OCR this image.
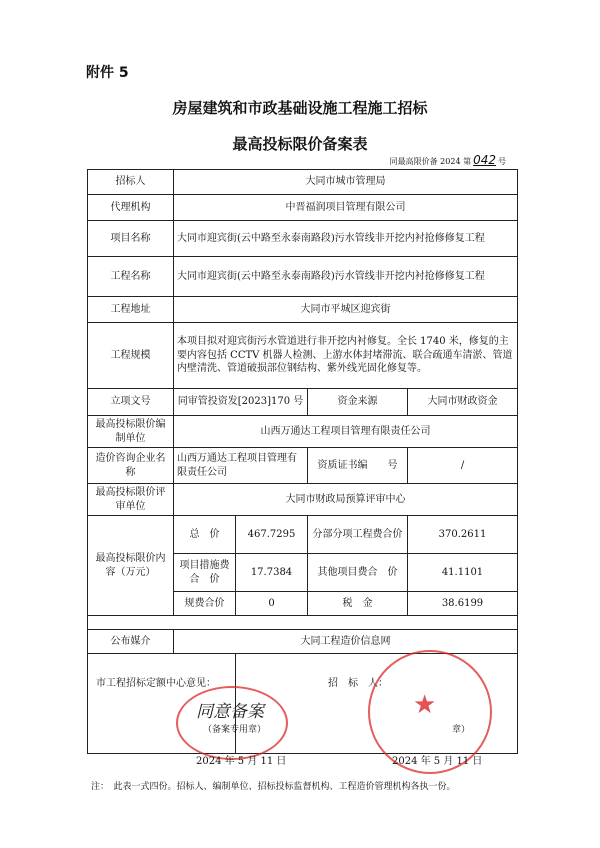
附件 5
房屋建筑和市政基础设施工程施工招标
最高投标限价备案表
同最高限价备 2024 第 042 号
招标人	大同市城市管理局			
代理机构	中晋福润项目管理有限公司			
项目名称	大同市迎宾街(云中路至永泰南路段)污水管线非开挖内衬抢修修复工程			
工程名称	大同市迎宾街(云中路至永泰南路段)污水管线非开挖内衬抢修修复工程			
工程地址	大同市平城区迎宾街			
工程规模	本项目拟对迎宾街污水管道进行非开挖内衬修复。全长 1740 米，修复的主要内容包括 CCTV 机器人检测、上游水体封堵滞流、联合疏通车清淤、管道内壁清洗、管道破损部位钢结构、紫外线光固化修复等。			
立项文号	同审管投资发[2023]170 号		资金来源	大同市财政资金
最高投标限价编制单位	山西万通达工程项目管理有限责任公司			
造价咨询企业名称	山西万通达工程项目管理有限责任公司		资质证书编　　号	/
最高投标限价评审单位	大同市财政局预算评审中心			
最高投标限价内容（万元）	总　价	467.7295	分部分项工程费合价	370.2611
	项目措施费合　价	17.7384	其他项目费合　价	41.1101
	规费合价	0	税　金	38.6199

公布媒介	大同工程造价信息网			

市工程招标定额中心意见：	招　标　人：
同意备案
（备案专用章）
2024 年 5 月 11 日
★
章）
2024 年 5 月 11 日
注：　此表一式四份。招标人、编制单位、招标投标监督机构、工程造价管理机构各执一份。
